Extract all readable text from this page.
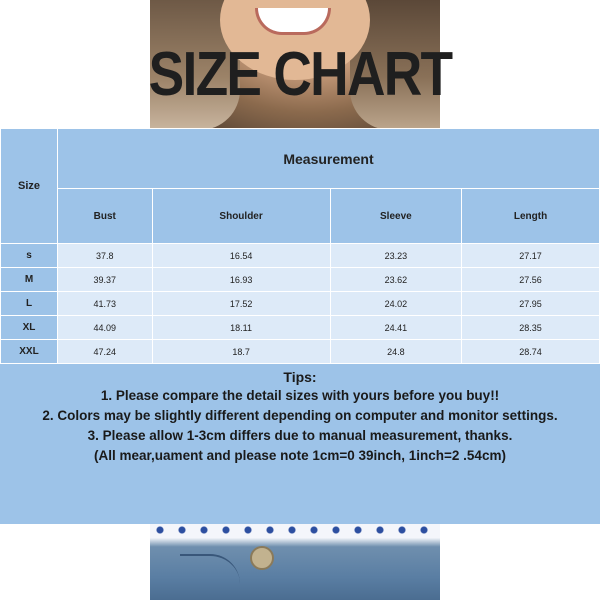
SIZE CHART
Size	Measurement			
	Bust	Shoulder	Sleeve	Length
s	37.8	16.54	23.23	27.17
M	39.37	16.93	23.62	27.56
L	41.73	17.52	24.02	27.95
XL	44.09	18.11	24.41	28.35
XXL	47.24	18.7	24.8	28.74
Tips:
1. Please compare the detail sizes with yours before you buy!!
2. Colors may be slightly different depending on computer and monitor settings.
3. Please allow 1-3cm differs due to manual measurement, thanks.
(All mear,uament and please note 1cm=0 39inch, 1inch=2 .54cm)
